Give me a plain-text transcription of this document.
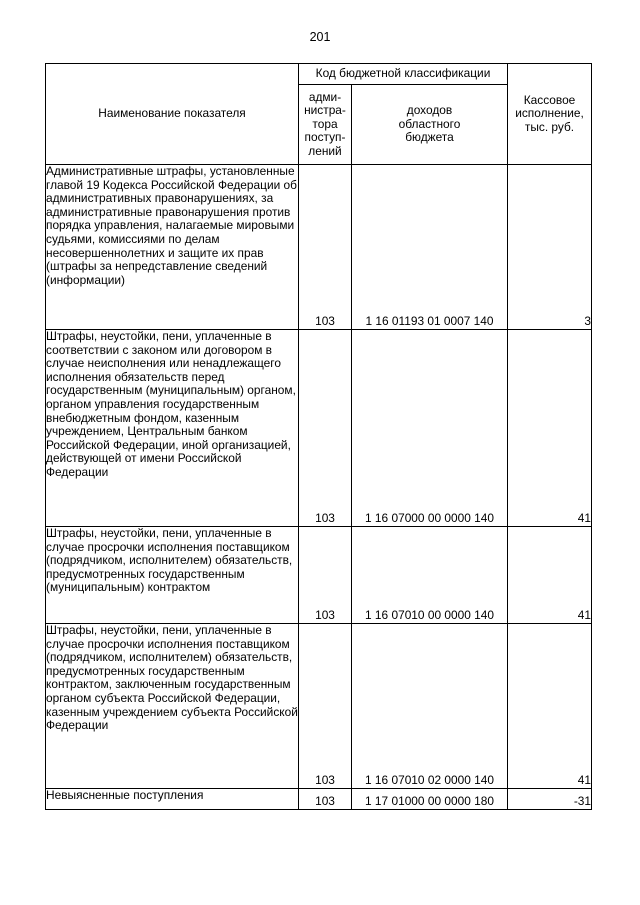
201
Наименование показателя	Код бюджетной классификации		Кассовое
исполнение,
тыс. руб.
	адми-
нистра-
тора
поступ-
лений	доходов
областного
бюджета	
Административные штрафы, установленные главой 19 Кодекса Российской Федерации об административных правонарушениях, за административные правонарушения против порядка управления, налагаемые мировыми судьями, комиссиями по делам несовершеннолетних и защите их прав (штрафы за непредставление сведений (информации)	103	1 16 01193 01 0007 140	3
Штрафы, неустойки, пени, уплаченные в соответствии с законом или договором в случае неисполнения или ненадлежащего исполнения обязательств перед государственным (муниципальным) органом, органом управления государственным внебюджетным фондом, казенным учреждением, Центральным банком Российской Федерации, иной организацией, действующей от имени Российской Федерации	103	1 16 07000 00 0000 140	41
Штрафы, неустойки, пени, уплаченные в случае просрочки исполнения поставщиком (подрядчиком, исполнителем) обязательств, предусмотренных государственным (муниципальным) контрактом	103	1 16 07010 00 0000 140	41
Штрафы, неустойки, пени, уплаченные в случае просрочки исполнения поставщиком (подрядчиком, исполнителем) обязательств, предусмотренных государственным контрактом, заключенным государственным органом субъекта Российской Федерации, казенным учреждением субъекта Российской Федерации	103	1 16 07010 02 0000 140	41
Невыясненные поступления	103	1 17 01000 00 0000 180	-31
